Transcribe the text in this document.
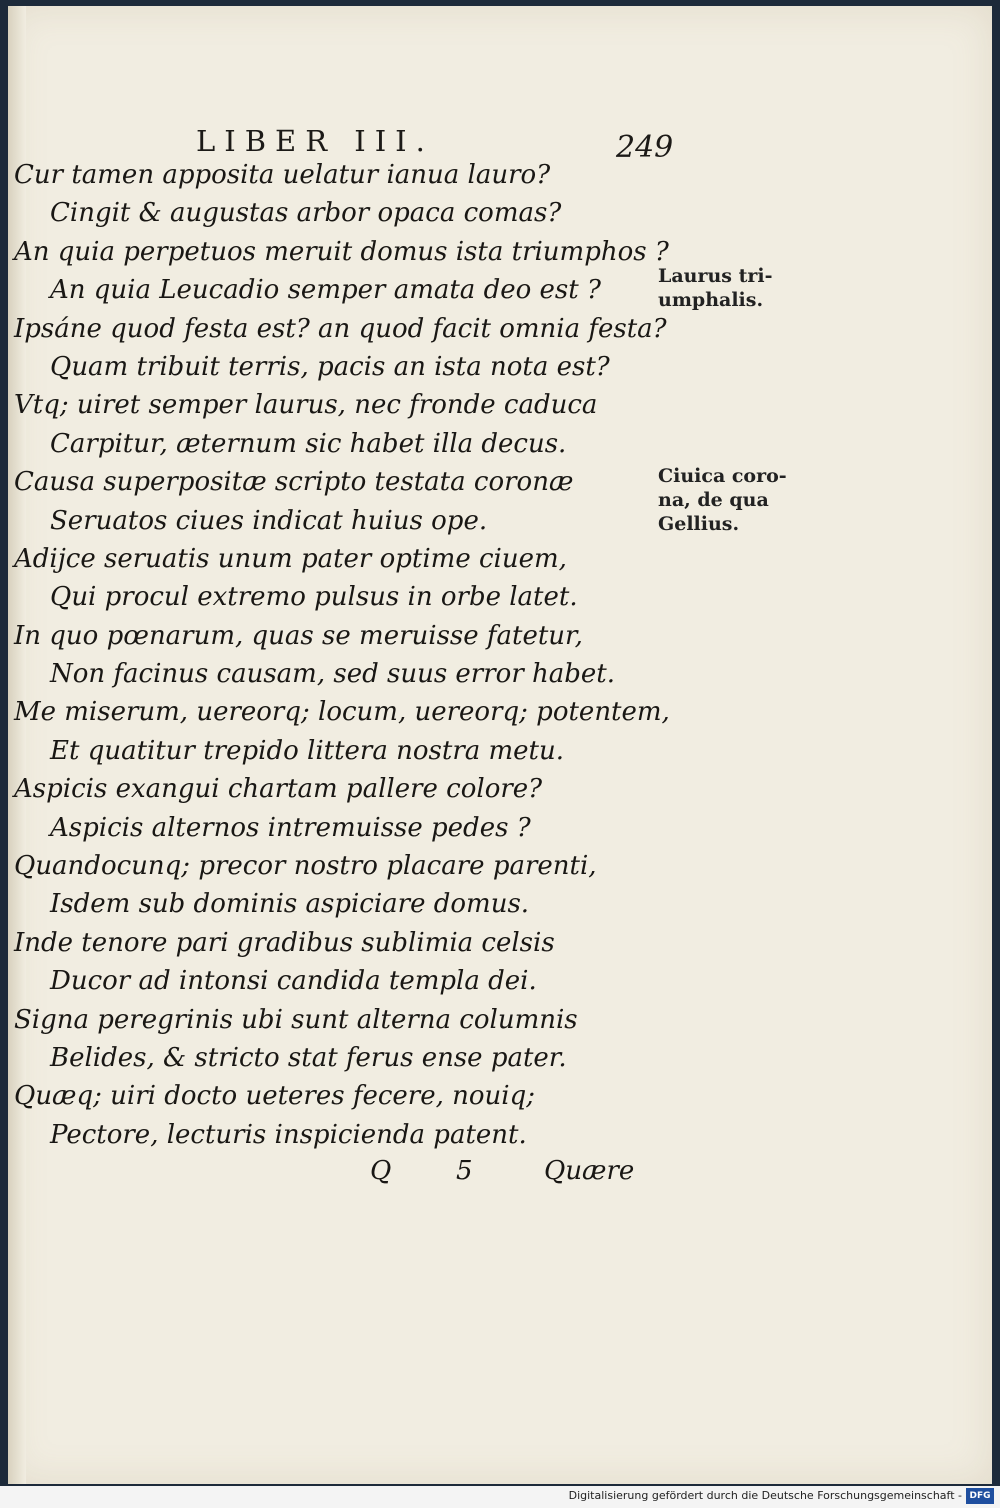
LIBER III.	249
Cur tamen apposita uelatur ianua lauro?
Cingit & augustas arbor opaca comas?
An quia perpetuos meruit domus ista triumphos ?
An quia Leucadio semper amata deo est ?
Ipsáne quod festa est? an quod facit omnia festa?
Quam tribuit terris, pacis an ista nota est?
Vtq; uiret semper laurus, nec fronde caduca
Carpitur, æternum sic habet illa decus.
Causa superpositæ scripto testata coronæ
Seruatos ciues indicat huius ope.
Adijce seruatis unum pater optime ciuem,
Qui procul extremo pulsus in orbe latet.
In quo pœnarum, quas se meruisse fatetur,
Non facinus causam, sed suus error habet.
Me miserum, uereorq; locum, uereorq; potentem,
Et quatitur trepido littera nostra metu.
Aspicis exangui chartam pallere colore?
Aspicis alternos intremuisse pedes ?
Quandocunq; precor nostro placare parenti,
Isdem sub dominis aspiciare domus.
Inde tenore pari gradibus sublimia celsis
Ducor ad intonsi candida templa dei.
Signa peregrinis ubi sunt alterna columnis
Belides, & stricto stat ferus ense pater.
Quæq; uiri docto ueteres fecere, nouiq;
Pectore, lecturis inspicienda patent.
Laurus tri-
umphalis.
Ciuica coro-
na, de qua
Gellius.
Q 5	Quære
Digitalisierung gefördert durch die Deutsche Forschungsgemeinschaft - DFG
